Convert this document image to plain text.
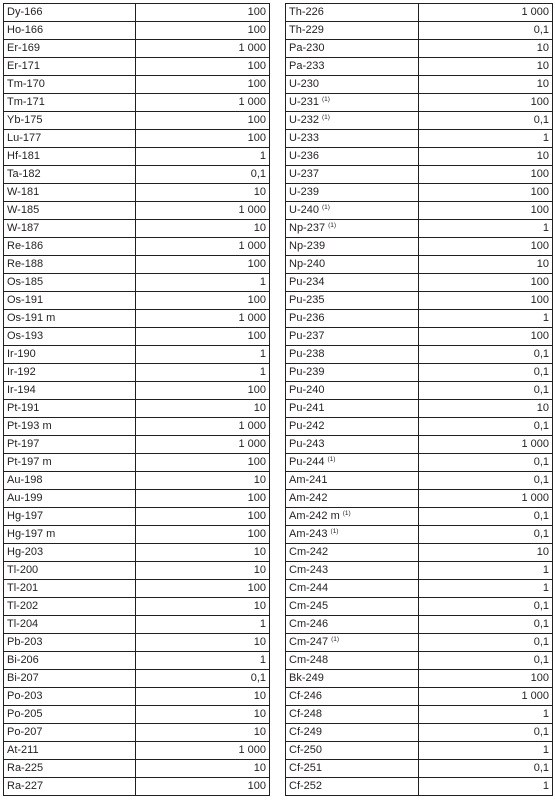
Dy-166	100
Ho-166	100
Er-169	1 000
Er-171	100
Tm-170	100
Tm-171	1 000
Yb-175	100
Lu-177	100
Hf-181	1
Ta-182	0,1
W-181	10
W-185	1 000
W-187	10
Re-186	1 000
Re-188	100
Os-185	1
Os-191	100
Os-191 m	1 000
Os-193	100
Ir-190	1
Ir-192	1
Ir-194	100
Pt-191	10
Pt-193 m	1 000
Pt-197	1 000
Pt-197 m	100
Au-198	10
Au-199	100
Hg-197	100
Hg-197 m	100
Hg-203	10
Tl-200	10
Tl-201	100
Tl-202	10
Tl-204	1
Pb-203	10
Bi-206	1
Bi-207	0,1
Po-203	10
Po-205	10
Po-207	10
At-211	1 000
Ra-225	10
Ra-227	100
Th-226	1 000
Th-229	0,1
Pa-230	10
Pa-233	10
U-230	10
U-231 $^{(1)}$	100
U-232 $^{(1)}$	0,1
U-233	1
U-236	10
U-237	100
U-239	100
U-240 $^{(1)}$	100
Np-237 $^{(1)}$	1
Np-239	100
Np-240	10
Pu-234	100
Pu-235	100
Pu-236	1
Pu-237	100
Pu-238	0,1
Pu-239	0,1
Pu-240	0,1
Pu-241	10
Pu-242	0,1
Pu-243	1 000
Pu-244 $^{(1)}$	0,1
Am-241	0,1
Am-242	1 000
Am-242 m $^{(1)}$	0,1
Am-243 $^{(1)}$	0,1
Cm-242	10
Cm-243	1
Cm-244	1
Cm-245	0,1
Cm-246	0,1
Cm-247 $^{(1)}$	0,1
Cm-248	0,1
Bk-249	100
Cf-246	1 000
Cf-248	1
Cf-249	0,1
Cf-250	1
Cf-251	0,1
Cf-252	1
